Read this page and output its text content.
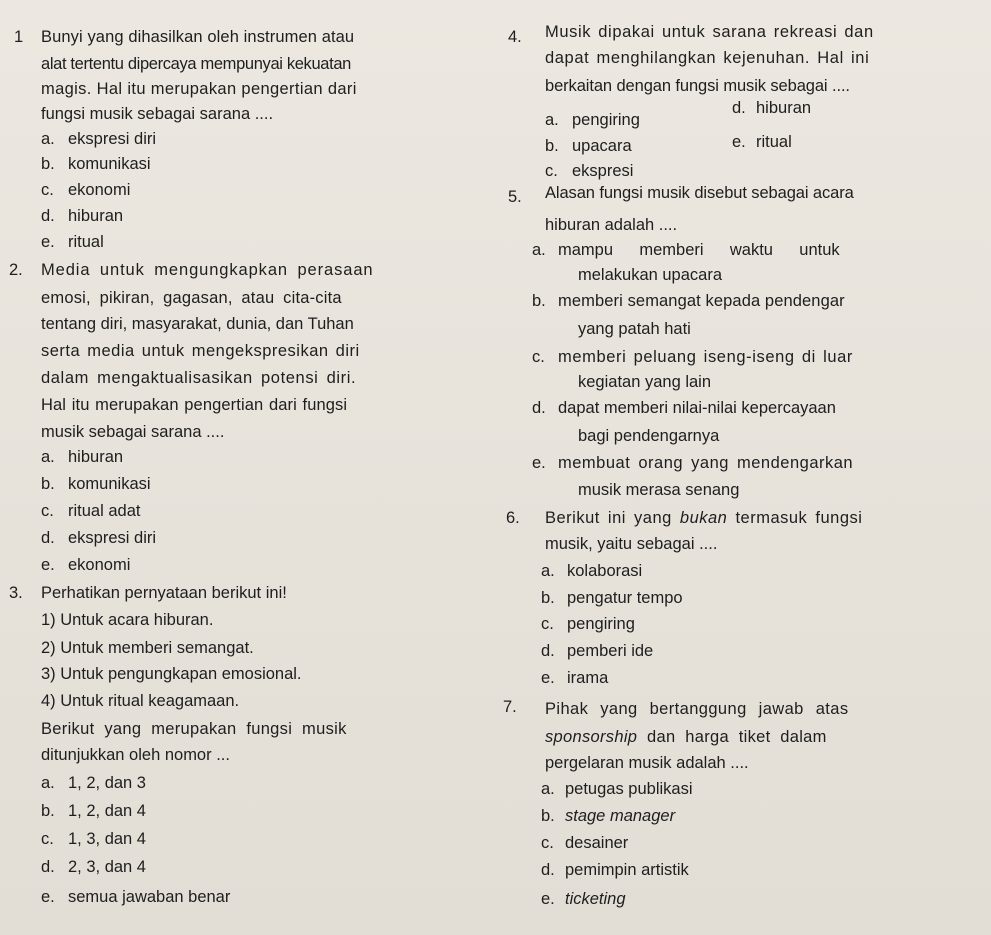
1 Bunyi yang dihasilkan oleh instrumen atau
alat tertentu dipercaya mempunyai kekuatan
magis. Hal itu merupakan pengertian dari
fungsi musik sebagai sarana ....
a. ekspresi diri
b. komunikasi
c. ekonomi
d. hiburan
e. ritual
2. Media untuk mengungkapkan perasaan
emosi, pikiran, gagasan, atau cita-cita
tentang diri, masyarakat, dunia, dan Tuhan
serta media untuk mengekspresikan diri
dalam mengaktualisasikan potensi diri.
Hal itu merupakan pengertian dari fungsi
musik sebagai sarana ....
a. hiburan
b. komunikasi
c. ritual adat
d. ekspresi diri
e. ekonomi
3. Perhatikan pernyataan berikut ini!
1) Untuk acara hiburan.
2) Untuk memberi semangat.
3) Untuk pengungkapan emosional.
4) Untuk ritual keagamaan.
Berikut yang merupakan fungsi musik
ditunjukkan oleh nomor ...
a. 1, 2, dan 3
b. 1, 2, dan 4
c. 1, 3, dan 4
d. 2, 3, dan 4
e. semua jawaban benar
4. Musik dipakai untuk sarana rekreasi dan
dapat menghilangkan kejenuhan. Hal ini
berkaitan dengan fungsi musik sebagai ....
a. pengiring
b. upacara
c. ekspresi
d. hiburan
e. ritual
5. Alasan fungsi musik disebut sebagai acara
hiburan adalah ....
a. mampu    memberi    waktu    untuk
melakukan upacara
b. memberi semangat kepada pendengar
yang patah hati
c. memberi peluang iseng-iseng di luar
kegiatan yang lain
d. dapat memberi nilai-nilai kepercayaan
bagi pendengarnya
e. membuat orang yang mendengarkan
musik merasa senang
6. Berikut ini yang bukan termasuk fungsi
musik, yaitu sebagai ....
a. kolaborasi
b. pengatur tempo
c. pengiring
d. pemberi ide
e. irama
7. Pihak  yang  bertanggung  jawab  atas
sponsorship  dan  harga  tiket  dalam
pergelaran musik adalah ....
a. petugas publikasi
b. stage manager
c. desainer
d. pemimpin artistik
e. ticketing
